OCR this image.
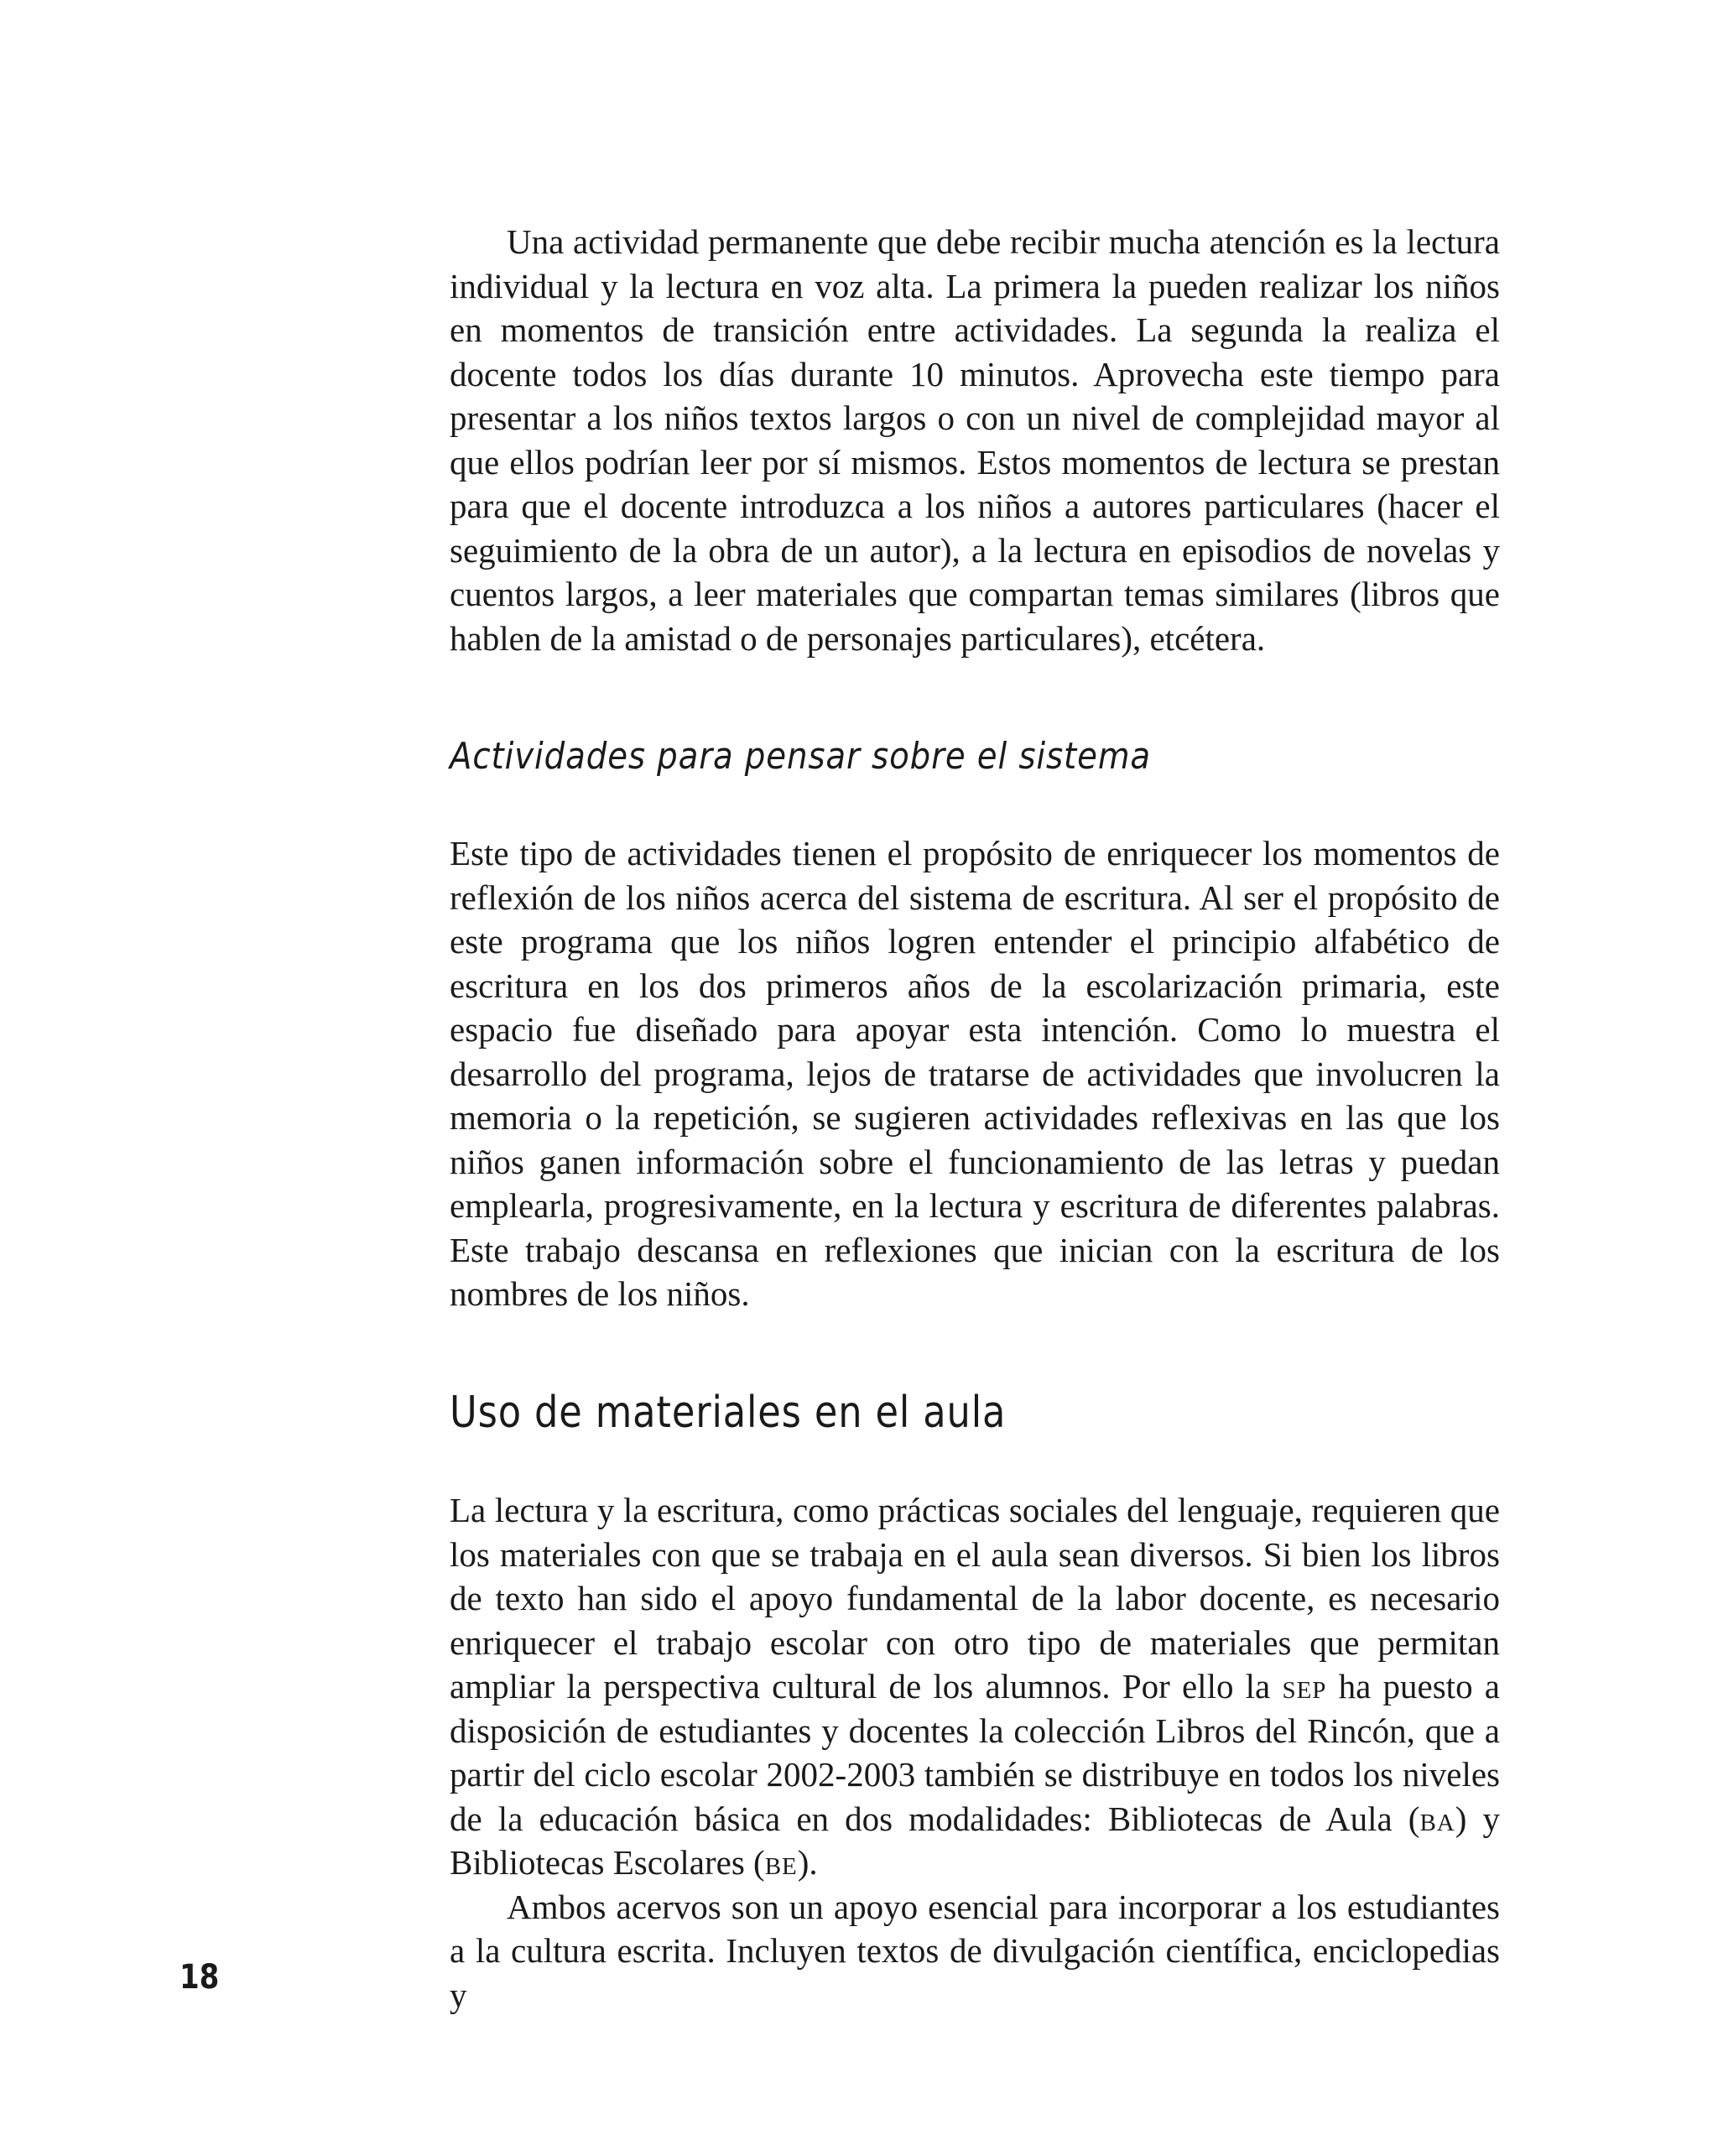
Una actividad permanente que debe recibir mucha atención es la lectura individual y la lectura en voz alta. La primera la pueden realizar los niños en momentos de transición entre actividades. La segunda la realiza el docente todos los días durante 10 minutos. Aprovecha este tiempo para presentar a los niños textos largos o con un nivel de complejidad mayor al que ellos podrían leer por sí mismos. Estos momentos de lectura se prestan para que el docente introduzca a los niños a autores particulares (hacer el seguimiento de la obra de un autor), a la lectura en episodios de novelas y cuentos largos, a leer materiales que compartan temas similares (libros que hablen de la amistad o de personajes particulares), etcétera.

Actividades para pensar sobre el sistema

Este tipo de actividades tienen el propósito de enriquecer los momentos de reflexión de los niños acerca del sistema de escritura. Al ser el propósito de este programa que los niños logren entender el principio alfabético de escritura en los dos primeros años de la escolarización primaria, este espacio fue diseñado para apoyar esta intención. Como lo muestra el desarrollo del programa, lejos de tratarse de actividades que involucren la memoria o la repetición, se sugieren actividades reflexivas en las que los niños ganen información sobre el funcionamiento de las letras y puedan emplearla, progresivamente, en la lectura y escritura de diferentes palabras. Este trabajo descansa en reflexiones que inician con la escritura de los nombres de los niños.

Uso de materiales en el aula

La lectura y la escritura, como prácticas sociales del lenguaje, requieren que los materiales con que se trabaja en el aula sean diversos. Si bien los libros de texto han sido el apoyo fundamental de la labor docente, es necesario enriquecer el trabajo escolar con otro tipo de materiales que permitan ampliar la perspectiva cultural de los alumnos. Por ello la sep ha puesto a disposición de estudiantes y docentes la colección Libros del Rincón, que a partir del ciclo escolar 2002-2003 también se distribuye en todos los niveles de la educación básica en dos modalidades: Bibliotecas de Aula (ba) y Bibliotecas Escolares (be).

Ambos acervos son un apoyo esencial para incorporar a los estudiantes a la cultura escrita. Incluyen textos de divulgación científica, enciclopedias y

18
